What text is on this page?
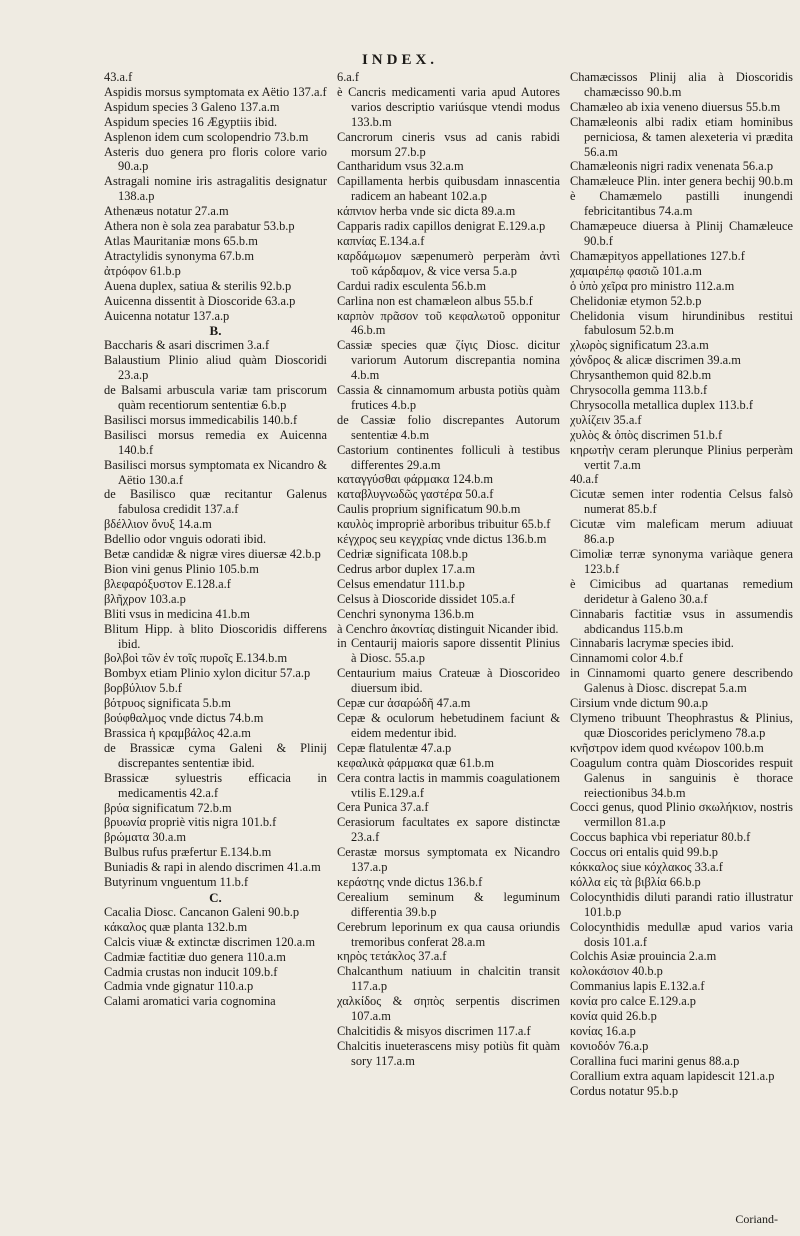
INDEX.
43.a.f
Aspidis morsus symptomata ex Aëtio 137.a.f
Aspidum species 3 Galeno 137.a.m
Aspidum species 16 Ægyptiis ibid.
Asplenon idem cum scolopendrio 73.b.m
Asteris duo genera pro floris colore vario 90.a.p
Astragali nomine iris astragalitis designatur 138.a.p
Athenæus notatur 27.a.m
Athera non è sola zea parabatur 53.b.p
Atlas Mauritaniæ mons 65.b.m
Atractylidis synonyma 67.b.m
ἀτρόφον 61.b.p
Auena duplex, satiua & sterilis 92.b.p
Auicenna dissentit à Dioscoride 63.a.p
Auicenna notatur 137.a.p
B.
Baccharis & asari discrimen 3.a.f
Balaustium Plinio aliud quàm Dioscoridi 23.a.p
de Balsami arbuscula variæ tam priscorum quàm recentiorum sententiæ 6.b.p
Basilisci morsus immedicabilis 140.b.f
Basilisci morsus remedia ex Auicenna 140.b.f
Basilisci morsus symptomata ex Nicandro & Aëtio 130.a.f
de Basilisco quæ recitantur Galenus fabulosa credidit 137.a.f
βδέλλιον ὄνυξ 14.a.m
Bdellio odor vnguis odorati ibid.
Betæ candidæ & nigræ vires diuersæ 42.b.p
Bion vini genus Plinio 105.b.m
βλεφαρόξυστον E.128.a.f
βλῆχρον 103.a.p
Bliti vsus in medicina 41.b.m
Blitum Hipp. à blito Dioscoridis differens ibid.
βολβοὶ τῶν ἐν τοῖς πυροῖς E.134.b.m
Bombyx etiam Plinio xylon dicitur 57.a.p
βορβύλιον 5.b.f
βότρυος significata 5.b.m
βούφθαλμος vnde dictus 74.b.m
Brassica ἡ κραμβάλος 42.a.m
de Brassicæ cyma Galeni & Plinij discrepantes sententiæ ibid.
Brassicæ syluestris efficacia in medicamentis 42.a.f
βρύα significatum 72.b.m
βρυωνία propriè vitis nigra 101.b.f
βρώματα 30.a.m
Bulbus rufus præfertur E.134.b.m
Buniadis & rapi in alendo discrimen 41.a.m
Butyrinum vnguentum 11.b.f
C.
Cacalia Diosc. Cancanon Galeni 90.b.p
κάκαλος quæ planta 132.b.m
Calcis viuæ & extinctæ discrimen 120.a.m
Cadmiæ factitiæ duo genera 110.a.m
Cadmia crustas non inducit 109.b.f
Cadmia vnde gignatur 110.a.p
Calami aromatici varia cognomina
6.a.f
è Cancris medicamenti varia apud Autores varios descriptio variúsque vtendi modus 133.b.m
Cancrorum cineris vsus ad canis rabidi morsum 27.b.p
Cantharidum vsus 32.a.m
Capillamenta herbis quibusdam innascentia radicem an habeant 102.a.p
κάπνιον herba vnde sic dicta 89.a.m
Capparis radix capillos denigrat E.129.a.p
καπνίας E.134.a.f
καρδάμωμον sæpenumerò perperàm ἀντὶ τοῦ κάρδαμον, & vice versa 5.a.p
Cardui radix esculenta 56.b.m
Carlina non est chamæleon albus 55.b.f
καρπὸν πρᾶσον τοῦ κεφαλωτοῦ opponitur 46.b.m
Cassiæ species quæ ζίγις Diosc. dicitur variorum Autorum discrepantia nomina 4.b.m
Cassia & cinnamomum arbusta potiùs quàm frutices 4.b.p
de Cassiæ folio discrepantes Autorum sententiæ 4.b.m
Castorium continentes folliculi à testibus differentes 29.a.m
καταγγύσθαι φάρμακα 124.b.m
καταβλυγνωδῶς γαστέρα 50.a.f
Caulis proprium significatum 90.b.m
καυλὸς impropriè arboribus tribuitur 65.b.f
κέγχρος seu κεγχρίας vnde dictus 136.b.m
Cedriæ significata 108.b.p
Cedrus arbor duplex 17.a.m
Celsus emendatur 111.b.p
Celsus à Dioscoride dissidet 105.a.f
Cenchri synonyma 136.b.m
à Cenchro ἀκοντίας distinguit Nicander ibid.
in Centaurij maioris sapore dissentit Plinius à Diosc. 55.a.p
Centaurium maius Crateuæ à Dioscorideo diuersum ibid.
Cepæ cur ἀσαρώδῆ 47.a.m
Cepæ & oculorum hebetudinem faciunt & eidem medentur ibid.
Cepæ flatulentæ 47.a.p
κεφαλικὰ φάρμακα quæ 61.b.m
Cera contra lactis in mammis coagulationem vtilis E.129.a.f
Cera Punica 37.a.f
Cerasiorum facultates ex sapore distinctæ 23.a.f
Cerastæ morsus symptomata ex Nicandro 137.a.p
κεράστης vnde dictus 136.b.f
Cerealium seminum & leguminum differentia 39.b.p
Cerebrum leporinum ex qua causa oriundis tremoribus conferat 28.a.m
κηρὸς τετάκλος 37.a.f
Chalcanthum natiuum in chalcitin transit 117.a.p
χαλκίδος & σηπὸς serpentis discrimen 107.a.m
Chalcitidis & misyos discrimen 117.a.f
Chalcitis inueterascens misy potiùs fit quàm sory 117.a.m
Chamæcissos Plinij alia à Dioscoridis chamæcisso 90.b.m
Chamæleo ab ixia veneno diuersus 55.b.m
Chamæleonis albi radix etiam hominibus perniciosa, & tamen alexeteria vi prædita 56.a.m
Chamæleonis nigri radix venenata 56.a.p
Chamæleuce Plin. inter genera bechij 90.b.m
è Chamæmelo pastilli inungendi febricitantibus 74.a.m
Chamæpeuce diuersa à Plinij Chamæleuce 90.b.f
Chamæpityos appellationes 127.b.f
χαμαιρέπῳ φασιῶ 101.a.m
ὁ ὑπὸ χεῖρα pro ministro 112.a.m
Chelidoniæ etymon 52.b.p
Chelidonia visum hirundinibus restitui fabulosum 52.b.m
χλωρὸς significatum 23.a.m
χόνδρος & alicæ discrimen 39.a.m
Chrysanthemon quid 82.b.m
Chrysocolla gemma 113.b.f
Chrysocolla metallica duplex 113.b.f
χυλίζειν 35.a.f
χυλὸς & ὀπὸς discrimen 51.b.f
κηρωτὴν ceram plerunque Plinius perperàm vertit 7.a.m
40.a.f
Cicutæ semen inter rodentia Celsus falsò numerat 85.b.f
Cicutæ vim maleficam merum adiuuat 86.a.p
Cimoliæ terræ synonyma variàque genera 123.b.f
è Cimicibus ad quartanas remedium deridetur à Galeno 30.a.f
Cinnabaris factitiæ vsus in assumendis abdicandus 115.b.m
Cinnabaris lacrymæ species ibid.
Cinnamomi color 4.b.f
in Cinnamomi quarto genere describendo Galenus à Diosc. discrepat 5.a.m
Cirsium vnde dictum 90.a.p
Clymeno tribuunt Theophrastus & Plinius, quæ Dioscorides periclymeno 78.a.p
κνῆστρον idem quod κνέωρον 100.b.m
Coagulum contra quàm Dioscorides respuit Galenus in sanguinis è thorace reiectionibus 34.b.m
Cocci genus, quod Plinio σκωλήκιον, nostris vermillon 81.a.p
Coccus baphica vbi reperiatur 80.b.f
Coccus ori entalis quid 99.b.p
κόκκαλος siue κόχλακος 33.a.f
κόλλα εἰς τὰ βιβλία 66.b.p
Colocynthidis diluti parandi ratio illustratur 101.b.p
Colocynthidis medullæ apud varios varia dosis 101.a.f
Colchis Asiæ prouincia 2.a.m
κολοκάσιον 40.b.p
Commanius lapis E.132.a.f
κονία pro calce E.129.a.p
κονία quid 26.b.p
κονίας 16.a.p
κονιοδόν 76.a.p
Corallina fuci marini genus 88.a.p
Corallium extra aquam lapidescit 121.a.p
Cordus notatur 95.b.p
Coriand-
